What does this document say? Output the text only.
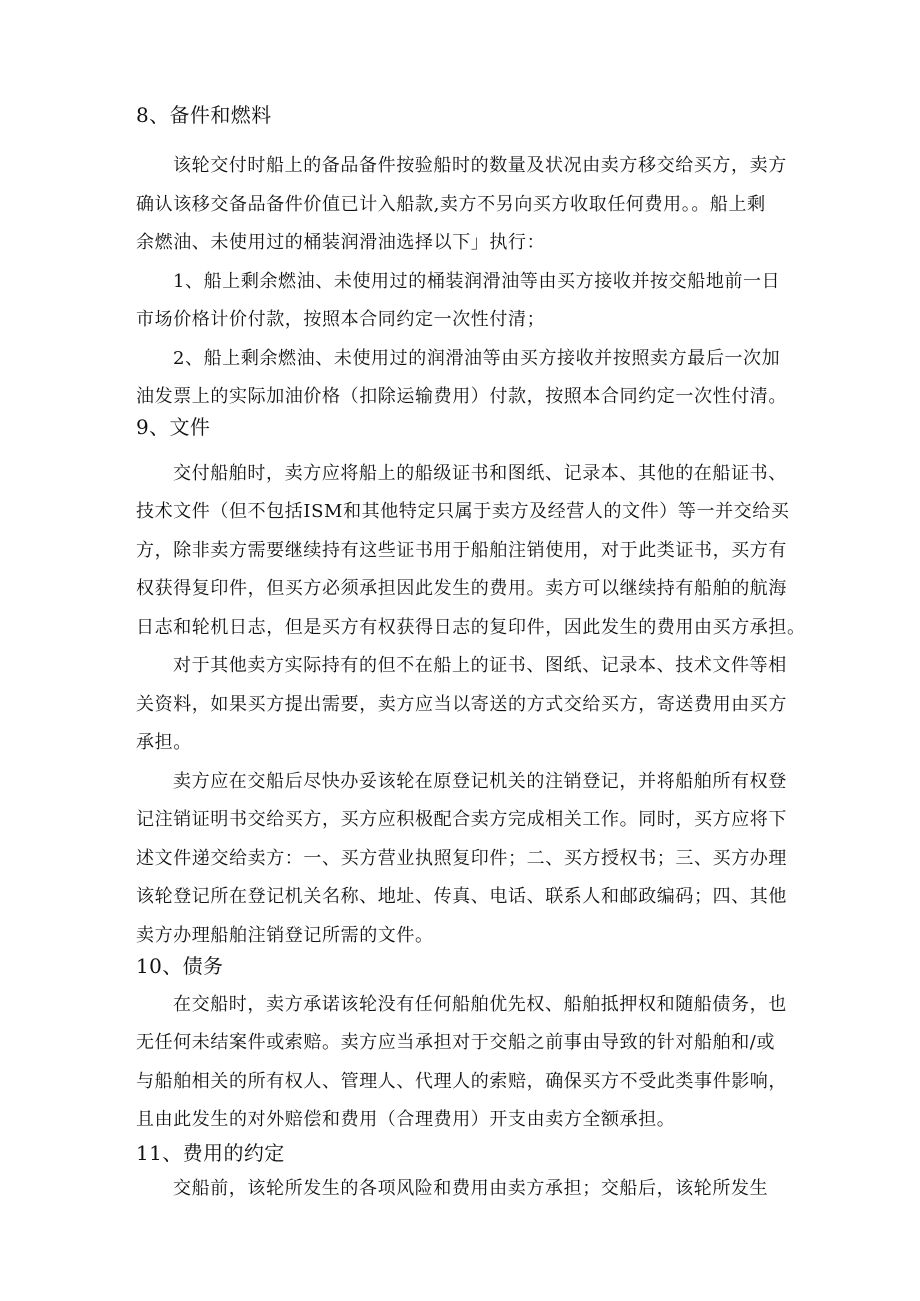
8、备件和燃料
该轮交付时船上的备品备件按验船时的数量及状况由卖方移交给买方，卖方
确认该移交备品备件价值已计入船款,卖方不另向买方收取任何费用。。船上剩
余燃油、未使用过的桶装润滑油选择以下」执行：
1、船上剩余燃油、未使用过的桶装润滑油等由买方接收并按交船地前一日
市场价格计价付款，按照本合同约定一次性付清；
2、船上剩余燃油、未使用过的润滑油等由买方接收并按照卖方最后一次加
油发票上的实际加油价格（扣除运输费用）付款，按照本合同约定一次性付清。
9、文件
交付船舶时，卖方应将船上的船级证书和图纸、记录本、其他的在船证书、
技术文件（但不包括ISM和其他特定只属于卖方及经营人的文件）等一并交给买
方，除非卖方需要继续持有这些证书用于船舶注销使用，对于此类证书，买方有
权获得复印件，但买方必须承担因此发生的费用。卖方可以继续持有船舶的航海
日志和轮机日志，但是买方有权获得日志的复印件，因此发生的费用由买方承担。
对于其他卖方实际持有的但不在船上的证书、图纸、记录本、技术文件等相
关资料，如果买方提出需要，卖方应当以寄送的方式交给买方，寄送费用由买方
承担。
卖方应在交船后尽快办妥该轮在原登记机关的注销登记，并将船舶所有权登
记注销证明书交给买方，买方应积极配合卖方完成相关工作。同时，买方应将下
述文件递交给卖方：一、买方营业执照复印件；二、买方授权书；三、买方办理
该轮登记所在登记机关名称、地址、传真、电话、联系人和邮政编码；四、其他
卖方办理船舶注销登记所需的文件。
10、债务
在交船时，卖方承诺该轮没有任何船舶优先权、船舶抵押权和随船债务，也
无任何未结案件或索赔。卖方应当承担对于交船之前事由导致的针对船舶和/或
与船舶相关的所有权人、管理人、代理人的索赔，确保买方不受此类事件影响，
且由此发生的对外赔偿和费用（合理费用）开支由卖方全额承担。
11、费用的约定
交船前，该轮所发生的各项风险和费用由卖方承担；交船后，该轮所发生
